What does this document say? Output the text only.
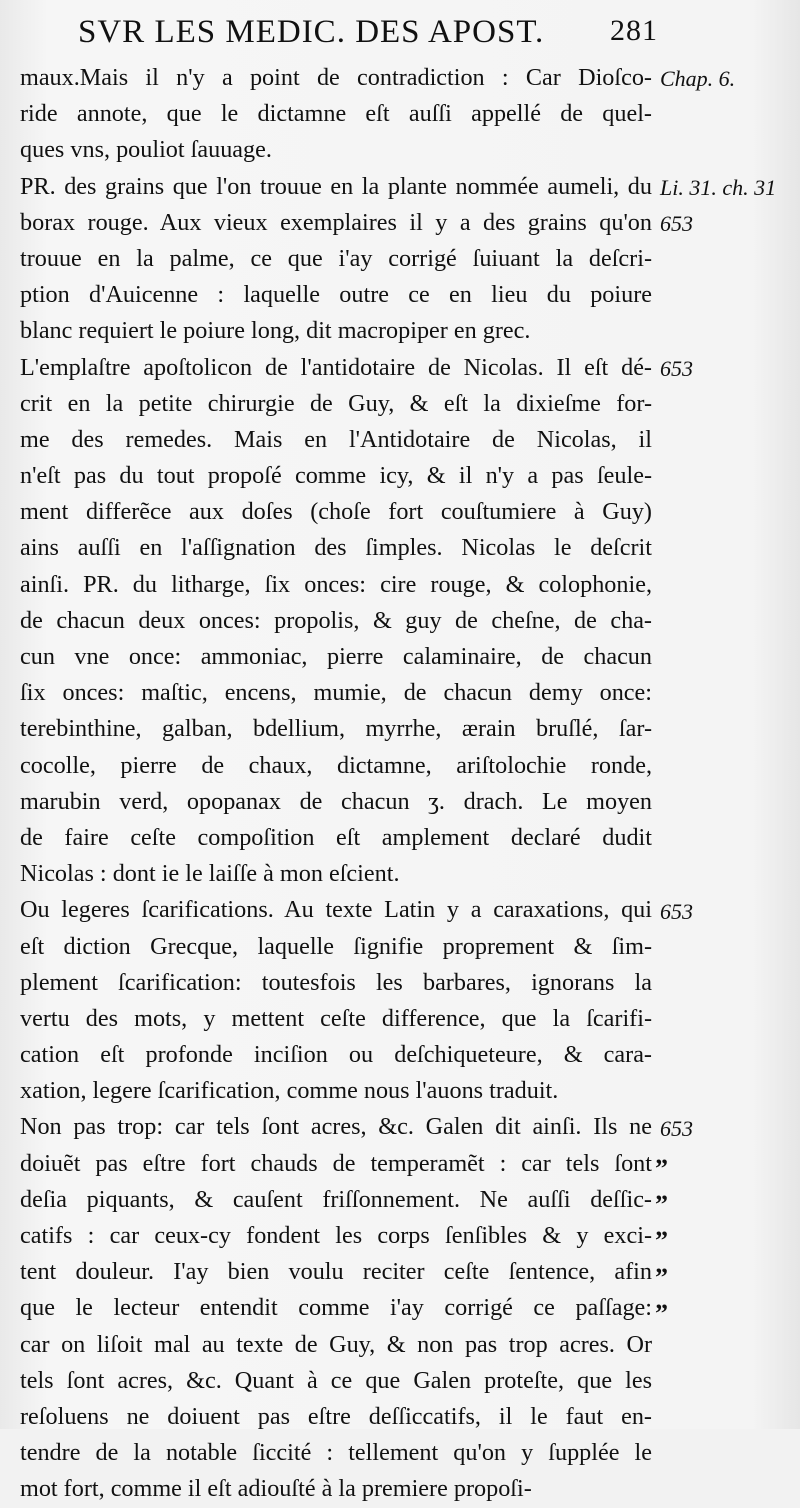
SVR LES MEDIC. DES APOST. 281
maux.Mais il n'y a point de contradiction : Car Dioſco-
ride annote, que le dictamne eſt auſſi appellé de quel-
ques vns, pouliot ſauuage.
PR. des grains que l'on trouue en la plante nommée aumeli, du
borax rouge. Aux vieux exemplaires il y a des grains qu'on
trouue en la palme, ce que i'ay corrigé ſuiuant la deſcri-
ption d'Auicenne : laquelle outre ce en lieu du poiure
blanc requiert le poiure long, dit macropiper en grec.
L'emplaſtre apoſtolicon de l'antidotaire de Nicolas. Il eſt dé-
crit en la petite chirurgie de Guy, & eſt la dixieſme for-
me des remedes. Mais en l'Antidotaire de Nicolas, il
n'eſt pas du tout propoſé comme icy, & il n'y a pas ſeule-
ment differẽce aux doſes (choſe fort couſtumiere à Guy)
ains auſſi en l'aſſignation des ſimples. Nicolas le deſcrit
ainſi. PR. du litharge, ſix onces: cire rouge, & colophonie,
de chacun deux onces: propolis, & guy de cheſne, de cha-
cun vne once: ammoniac, pierre calaminaire, de chacun
ſix onces: maſtic, encens, mumie, de chacun demy once:
terebinthine, galban, bdellium, myrrhe, ærain bruſlé, ſar-
cocolle, pierre de chaux, dictamne, ariſtolochie ronde,
marubin verd, opopanax de chacun ʒ. drach. Le moyen
de faire ceſte compoſition eſt amplement declaré dudit
Nicolas : dont ie le laiſſe à mon eſcient.
Ou legeres ſcarifications. Au texte Latin y a caraxations, qui
eſt diction Grecque, laquelle ſignifie proprement & ſim-
plement ſcarification: toutesfois les barbares, ignorans la
vertu des mots, y mettent ceſte difference, que la ſcarifi-
cation eſt profonde inciſion ou deſchiqueteure, & cara-
xation, legere ſcarification, comme nous l'auons traduit.
Non pas trop: car tels ſont acres, &c. Galen dit ainſi. Ils ne
doiuẽt pas eſtre fort chauds de temperamẽt : car tels ſont
deſia piquants, & cauſent friſſonnement. Ne auſſi deſſic-
catifs : car ceux-cy fondent les corps ſenſibles & y exci-
tent douleur. I'ay bien voulu reciter ceſte ſentence, afin
que le lecteur entendit comme i'ay corrigé ce paſſage:
car on liſoit mal au texte de Guy, & non pas trop acres. Or
tels ſont acres, &c. Quant à ce que Galen proteſte, que les
reſoluens ne doiuent pas eſtre deſſiccatifs, il le faut en-
tendre de la notable ſiccité : tellement qu'on y ſupplée le
mot fort, comme il eſt adiouſté à la premiere propoſi-
Chap. 6.
Li. 31. ch. 31
653
653
653
653
”
”
”
”
”
